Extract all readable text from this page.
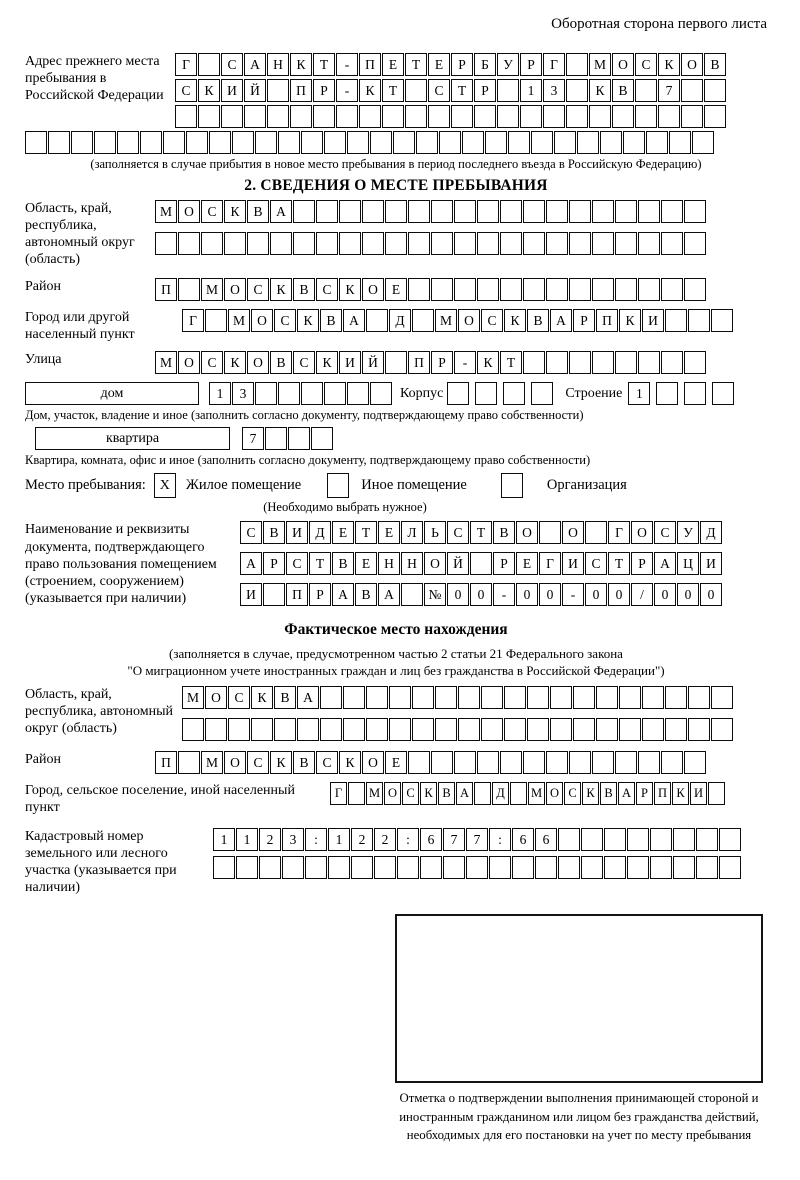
Оборотная сторона первого листа
Адрес прежнего места пребывания в Российской Федерации
Г	С	А Н	К	Т	-	П	Е	Т	Е	Р	Б	У	Р	Г	М О	С	К	О	В
С	К	И Й	П	Р	-	К	Т	С	Т	Р	1	3	К	В	7
(заполняется в случае прибытия в новое место пребывания в период последнего въезда в Российскую Федерацию)
2. СВЕДЕНИЯ О МЕСТЕ ПРЕБЫВАНИЯ
Область, край, республика, автономный округ (область)
М О	С	К	В	А
Район	П	М О	С	К	В	С	К	О	Е
Город или другой населенный пункт
Г	М О	С	К	В	А	Д	М О	С	К	В	А	Р	П	К	И
Улица	М О	С	К	О	В	С	К	И Й	П	Р	-	К	Т
дом	1	3	Корпус	Строение	1
Дом, участок, владение и иное (заполнить согласно документу, подтверждающему право собственности)
квартира	7
Квартира, комната, офис и иное (заполнить согласно документу, подтверждающему право собственности)
Место пребывания: X	Жилое помещение	Иное помещение	Организация
(Необходимо выбрать нужное)
Наименование и реквизиты документа, подтверждающего право пользования помещением (строением, сооружением) (указывается при наличии)
С	В	И	Д	Е	Т	Е	Л	Ь	С	Т	В	О	О	Г	О	С	У	Д
А	Р	С	Т	В	Е	Н Н О Й	Р	Е	Г	И	С	Т	Р	А Ц И
И	П	Р	А	В	А	№ 0	0	-	0	0	-	0	0	/	0	0	0
Фактическое место нахождения
(заполняется в случае, предусмотренном частью 2 статьи 21 Федерального закона
"О миграционном учете иностранных граждан и лиц без гражданства в Российской Федерации")
Область, край, республика, автономный округ (область)
М О	С	К	В	А
Район	П	М О	С	К	В	С	К	О	Е
Город, сельское поселение, иной населенный пункт
Г	М О С К В А	Д	М О С К В А Р П К И
Кадастровый номер земельного или лесного участка (указывается при наличии)
1	1	2	3	:	1	2	2	:	6	7	7	:	6	6
Отметка о подтверждении выполнения принимающей стороной и иностранным гражданином или лицом без гражданства действий, необходимых для его постановки на учет по месту пребывания
